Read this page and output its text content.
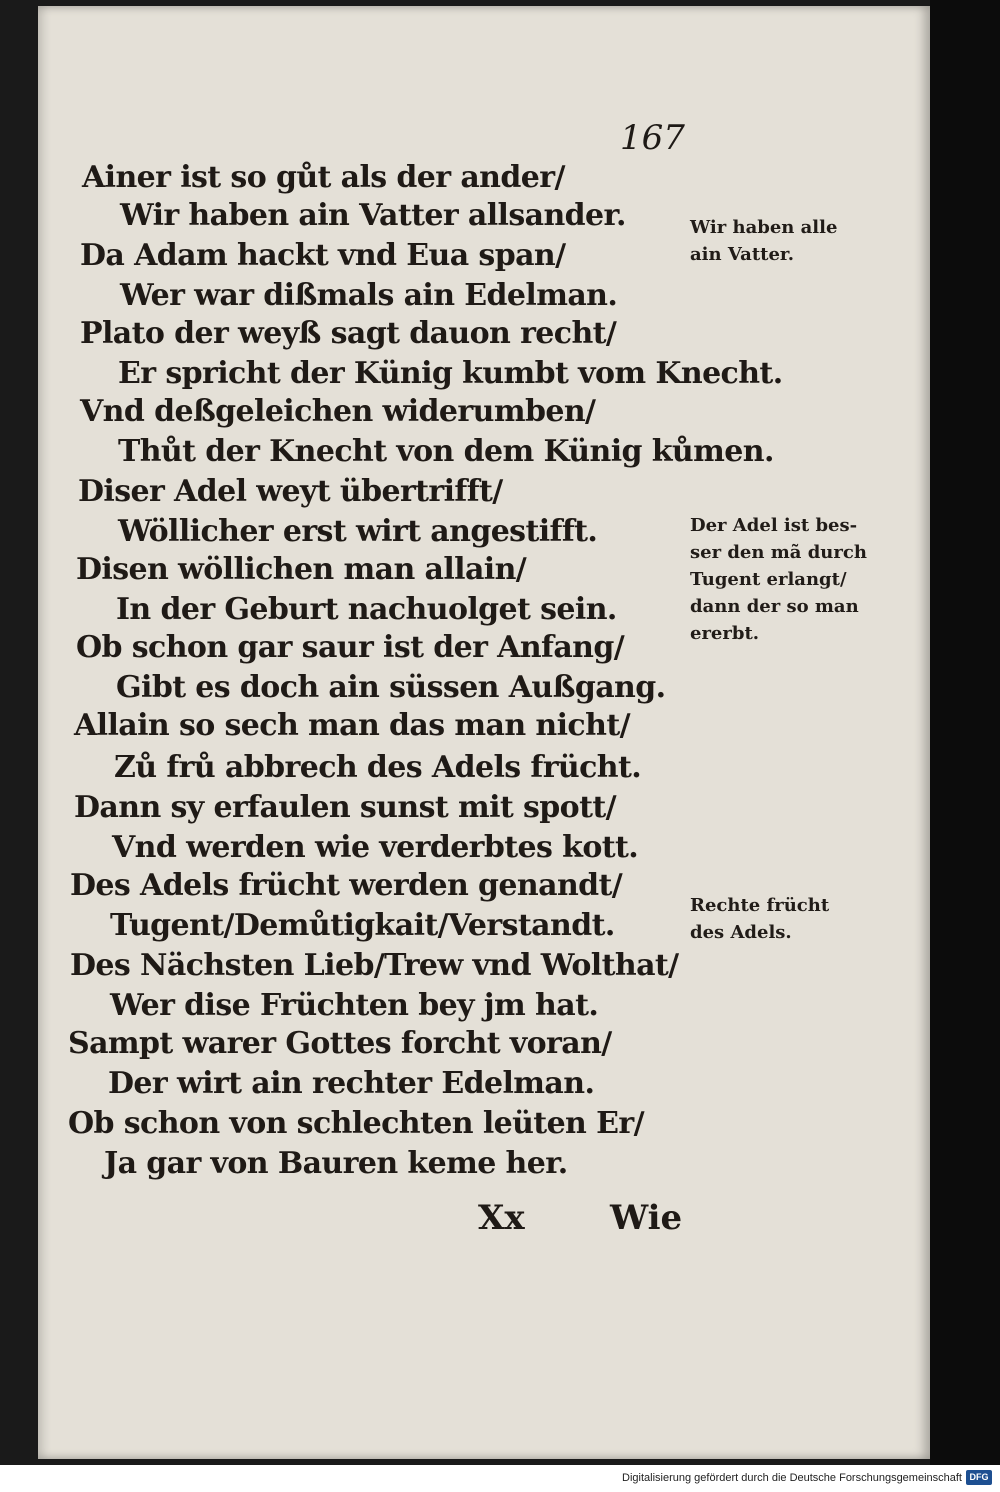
167
Ainer ist so gůt als der ander/
Wir haben ain Vatter allsander.
Da Adam hackt vnd Eua span/
Wer war dißmals ain Edelman.
Plato der weyß sagt dauon recht/
Er spricht der Künig kumbt vom Knecht.
Vnd deßgeleichen widerumben/
Thůt der Knecht von dem Künig kůmen.
Diser Adel weyt übertrifft/
Wöllicher erst wirt angestifft.
Disen wöllichen man allain/
In der Geburt nachuolget sein.
Ob schon gar saur ist der Anfang/
Gibt es doch ain süssen Außgang.
Allain so sech man das man nicht/
Zů frů abbrech des Adels frücht.
Dann sy erfaulen sunst mit spott/
Vnd werden wie verderbtes kott.
Des Adels frücht werden genandt/
Tugent/Demůtigkait/Verstandt.
Des Nächsten Lieb/Trew vnd Wolthat/
Wer dise Früchten bey jm hat.
Sampt warer Gottes forcht voran/
Der wirt ain rechter Edelman.
Ob schon von schlechten leüten Er/
Ja gar von Bauren keme her.
Wir haben alle
ain Vatter.
Der Adel ist bes-
ser den mã durch
Tugent erlangt/
dann der so man
ererbt.
Rechte frücht
des Adels.
Xx	Wie
Digitalisierung gefördert durch die Deutsche Forschungsgemeinschaft DFG
